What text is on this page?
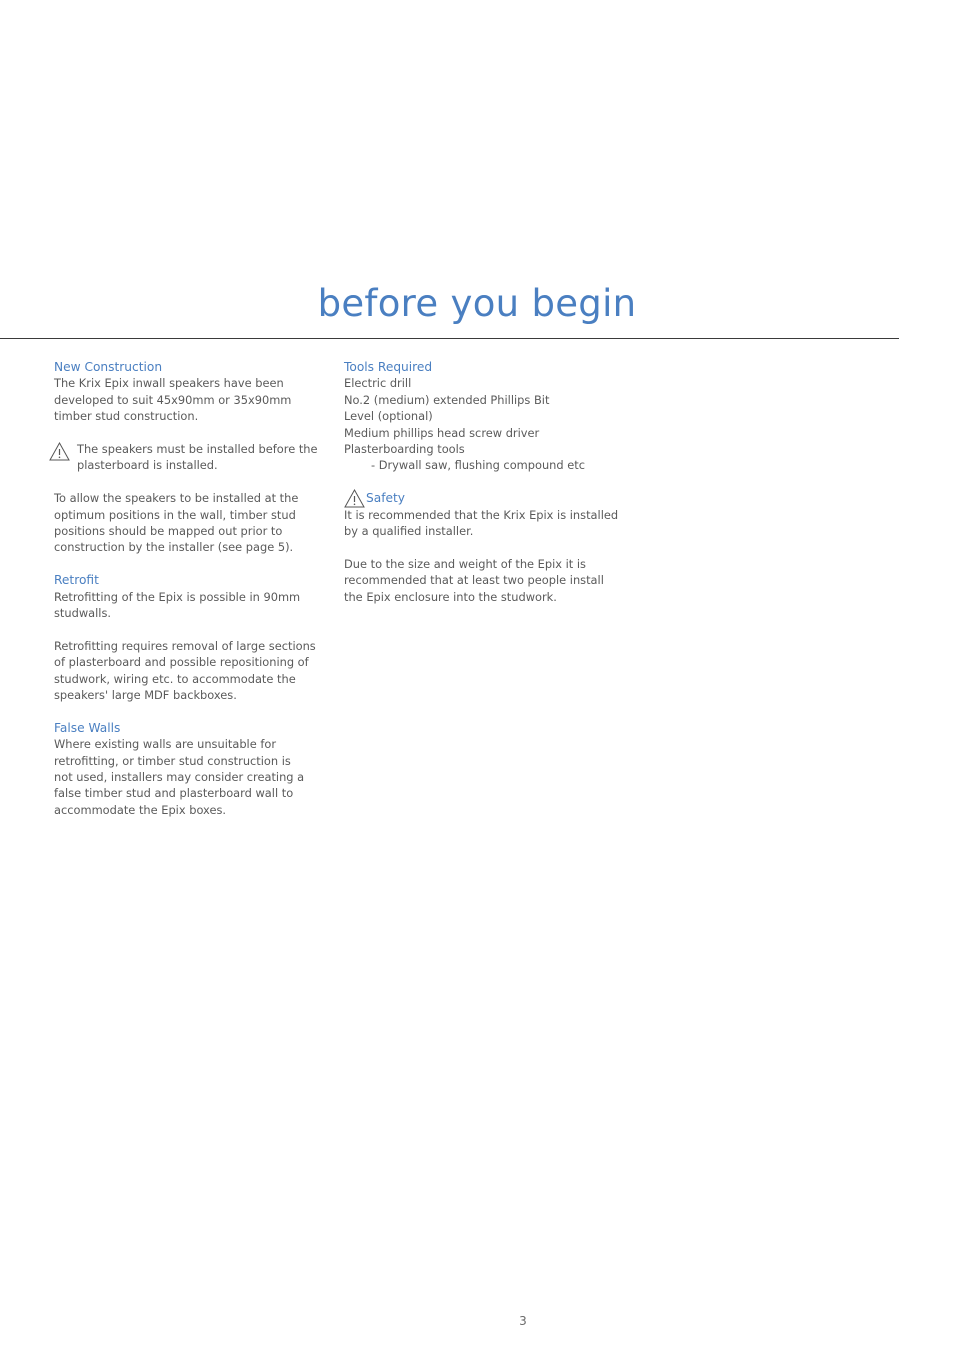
before you begin

New Construction

The Krix Epix inwall speakers have been

developed to suit 45x90mm or 35x90mm

timber stud construction.

The speakers must be installed before the

plasterboard is installed.

To allow the speakers to be installed at the

optimum positions in the wall, timber stud

positions should be mapped out prior to

construction by the installer (see page 5).

Retrofit

Retrofitting of the Epix is possible in 90mm

studwalls.

Retrofitting requires removal of large sections

of plasterboard and possible repositioning of

studwork, wiring etc. to accommodate the

speakers' large MDF backboxes.

False Walls

Where existing walls are unsuitable for

retrofitting, or timber stud construction is

not used, installers may consider creating a

false timber stud and plasterboard wall to

accommodate the Epix boxes.

Tools Required

Electric drill

No.2 (medium) extended Phillips Bit

Level (optional)

Medium phillips head screw driver

Plasterboarding tools

- Drywall saw, flushing compound etc

Safety

It is recommended that the Krix Epix is installed

by a qualified installer.

Due to the size and weight of the Epix it is

recommended that at least two people install

the Epix enclosure into the studwork.

3
